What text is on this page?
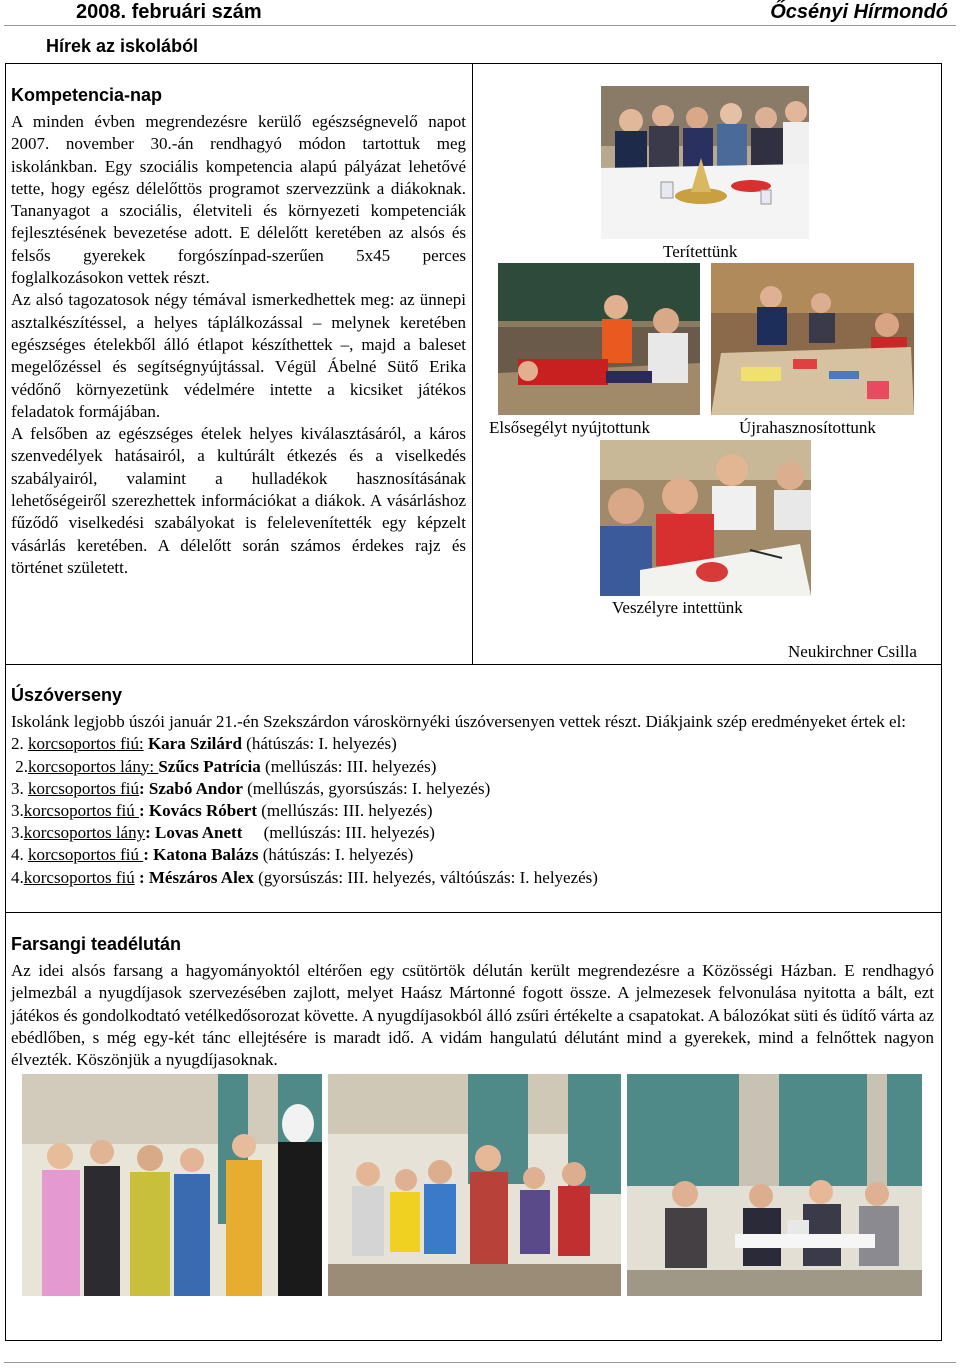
2008. februári szám	Őcsényi Hírmondó
Hírek az iskolából
Kompetencia-nap

A minden évben megrendezésre kerülő egészségnevelő napot 2007. november 30.-án rendhagyó módon tartottuk meg iskolánkban. Egy szociális kompetencia alapú pályázat lehetővé tette, hogy egész délelőttös programot szervezzünk a diákoknak. Tananyagot a szociális, életviteli és környezeti kompetenciák fejlesztésének bevezetése adott. E délelőtt keretében az alsós és felsős gyerekek forgószínpad-szerűen 5x45 perces foglalkozásokon vettek részt.

Az alsó tagozatosok négy témával ismerkedhettek meg: az ünnepi asztalkészítéssel, a helyes táplálkozással – melynek keretében egészséges ételekből álló étlapot készíthettek –, majd a baleset megelőzéssel és segítségnyújtással. Végül Ábelné Sütő Erika védőnő környezetünk védelmére intette a kicsiket játékos feladatok formájában.

A felsőben az egészséges ételek helyes kiválasztásáról, a káros szenvedélyek hatásairól, a kultúrált étkezés és a viselkedés szabályairól, valamint a hulladékok hasznosításának lehetőségeiről szerezhettek információkat a diákok. A vásárláshoz fűződő viselkedési szabályokat is felelevenítették egy képzelt vásárlás keretében. A délelőtt során számos érdekes rajz és történet született.

Terítettünk
Elsősegélyt nyújtottunk	Újrahasznosítottunk
Veszélyre intettünk
Neukirchner Csilla
Úszóverseny

Iskolánk legjobb úszói január 21.-én Szekszárdon városkörnyéki úszóversenyen vettek részt. Diákjaink szép eredményeket értek el:

2. korcsoportos fiú: Kara Szilárd (hátúszás: I. helyezés)
2.korcsoportos lány: Szűcs Patrícia (mellúszás: III. helyezés)
3. korcsoportos fiú: Szabó Andor (mellúszás, gyorsúszás: I. helyezés)
3.korcsoportos fiú : Kovács Róbert (mellúszás: III. helyezés)
3.korcsoportos lány: Lovas Anett     (mellúszás: III. helyezés)
4. korcsoportos fiú : Katona Balázs (hátúszás: I. helyezés)
4.korcsoportos fiú : Mészáros Alex (gyorsúszás: III. helyezés, váltóúszás: I. helyezés)
Farsangi teadélután

Az idei alsós farsang a hagyományoktól eltérően egy csütörtök délután került megrendezésre a Közösségi Házban. E rendhagyó jelmezbál a nyugdíjasok szervezésében zajlott, melyet Haász Mártonné fogott össze. A jelmezesek felvonulása nyitotta a bált, ezt játékos és gondolkodtató vetélkedősorozat követte. A nyugdíjasokból álló zsűri értékelte a csapatokat. A bálozókat süti és üdítő várta az ebédlőben, s még egy-két tánc ellejtésére is maradt idő. A vidám hangulatú délutánt mind a gyerekek, mind a felnőttek nagyon élvezték. Köszönjük a nyugdíjasoknak.
